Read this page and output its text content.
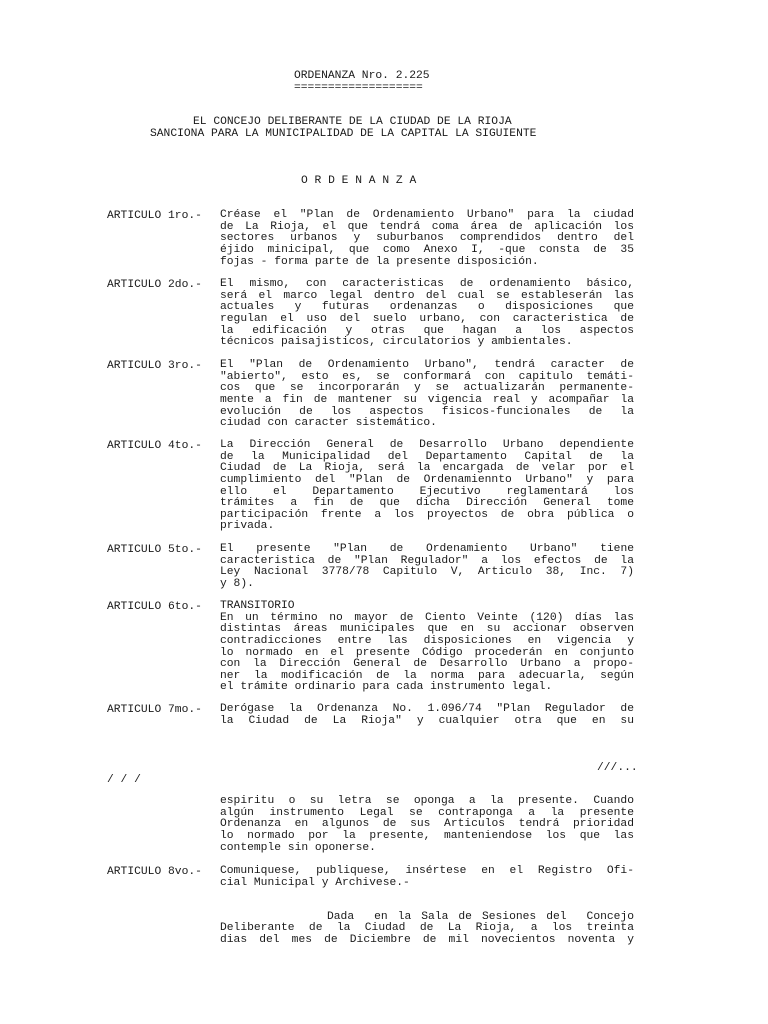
ORDENANZA Nro. 2.225
===================
EL CONCEJO DELIBERANTE DE LA CIUDAD DE LA RIOJA
SANCIONA PARA LA MUNICIPALIDAD DE LA CAPITAL LA SIGUIENTE
O R D E N A N Z A
ARTICULO 1ro.- Créase el "Plan de Ordenamiento Urbano" para la ciudad
de La Rioja, el que tendrá coma área de aplicación los
sectores urbanos y suburbanos comprendidos dentro del
éjido minicipal, que como Anexo I, -que consta de 35
fojas - forma parte de la presente disposición.
ARTICULO 2do.- El mismo, con caracteristicas de ordenamiento básico,
será el marco legal dentro del cual se estableserán las
actuales y futuras ordenanzas o disposiciones que
regulan el uso del suelo urbano, con caracteristica de
la edificación y otras que hagan a los aspectos
técnicos paisajisticos, circulatorios y ambientales.
ARTICULO 3ro.- El "Plan de Ordenamiento Urbano", tendrá caracter de
"abierto", esto es, se conformará con capitulo temáti-
cos que se incorporarán y se actualizarán permanente-
mente a fin de mantener su vigencia real y acompañar la
evolución de los aspectos fisicos-funcionales de la
ciudad con caracter sistemático.
ARTICULO 4to.- La Dirección General de Desarrollo Urbano dependiente
de la Municipalidad del Departamento Capital de la
Ciudad de La Rioja, será la encargada de velar por el
cumplimiento del "Plan de Ordenamiennto Urbano" y para
ello el Departamento Ejecutivo reglamentará los
trámites a fin de que dicha Dirección General tome
participación frente a los proyectos de obra pública o
privada.
ARTICULO 5to.- El presente "Plan de Ordenamiento Urbano" tiene
caracteristica de "Plan Regulador" a los efectos de la
Ley Nacional 3778/78 Capitulo V, Articulo 38, Inc. 7)
y 8).
ARTICULO 6to.- TRANSITORIO
En un término no mayor de Ciento Veinte (120) días las
distintas áreas municipales que en su accionar observen
contradicciones entre las disposiciones en vigencia y
lo normado en el presente Código procederán en conjunto
con la Dirección General de Desarrollo Urbano a propo-
ner la modificación de la norma para adecuarla, según
el trámite ordinario para cada instrumento legal.
ARTICULO 7mo.- Derógase la Ordenanza No. 1.096/74 "Plan Regulador de
la Ciudad de La Rioja" y cualquier otra que en su
///...
/ / /
espiritu o su letra se oponga a la presente. Cuando
algún instrumento Legal se contraponga a la presente
Ordenanza en algunos de sus Articulos tendrá prioridad
lo normado por la presente, manteniendose los que las
contemple sin oponerse.
ARTICULO 8vo.- Comuniquese, publiquese, insértese en el Registro Ofi-
cial Municipal y Archivese.-
Dada  en la Sala de Sesiones del  Concejo
Deliberante de la Ciudad de La Rioja, a los treinta
dias del mes de Diciembre de mil novecientos noventa y
